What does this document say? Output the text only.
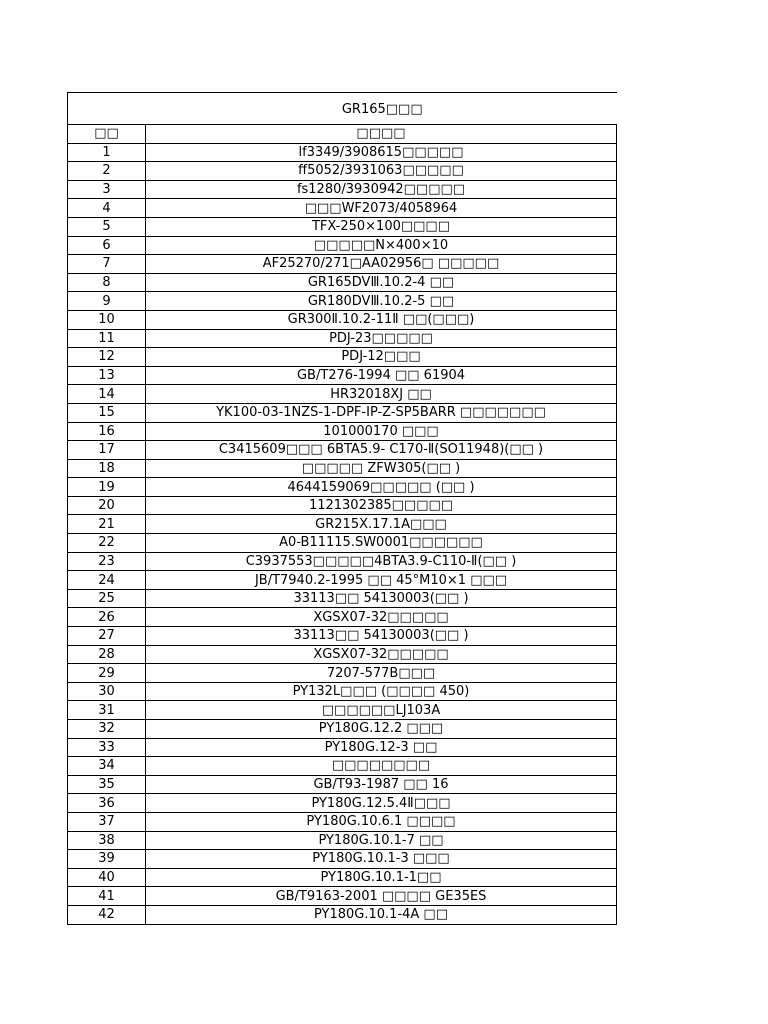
GR165□□□	
□□	□□□□
1	lf3349/3908615□□□□□
2	ff5052/3931063□□□□□
3	fs1280/3930942□□□□□
4	□□□WF2073/4058964
5	TFX-250×100□□□□
6	□□□□□N×400×10
7	AF25270/271□AA02956□ □□□□□
8	GR165DVⅢ.10.2-4 □□
9	GR180DVⅢ.10.2-5 □□
10	GR300Ⅱ.10.2-11Ⅱ □□(□□□)
11	PDJ-23□□□□□
12	PDJ-12□□□
13	GB/T276-1994 □□ 61904
14	HR32018XJ □□
15	YK100-03-1NZS-1-DPF-IP-Z-SP5BARR □□□□□□□
16	101000170 □□□
17	C3415609□□□ 6BTA5.9- C170-Ⅱ(SO11948)(□□ )
18	□□□□□ ZFW305(□□ )
19	4644159069□□□□□ (□□ )
20	1121302385□□□□□
21	GR215X.17.1A□□□
22	A0-B11115.SW0001□□□□□□
23	C3937553□□□□□4BTA3.9-C110-Ⅱ(□□ )
24	JB/T7940.2-1995 □□ 45°M10×1 □□□
25	33113□□ 54130003(□□ )
26	XGSX07-32□□□□□
27	33113□□ 54130003(□□ )
28	XGSX07-32□□□□□
29	7207-577B□□□
30	PY132L□□□ (□□□□ 450)
31	□□□□□□LJ103A
32	PY180G.12.2 □□□
33	PY180G.12-3 □□
34	□□□□□□□□
35	GB/T93-1987 □□ 16
36	PY180G.12.5.4Ⅱ□□□
37	PY180G.10.6.1 □□□□
38	PY180G.10.1-7 □□
39	PY180G.10.1-3 □□□
40	PY180G.10.1-1□□
41	GB/T9163-2001 □□□□ GE35ES
42	PY180G.10.1-4A □□
